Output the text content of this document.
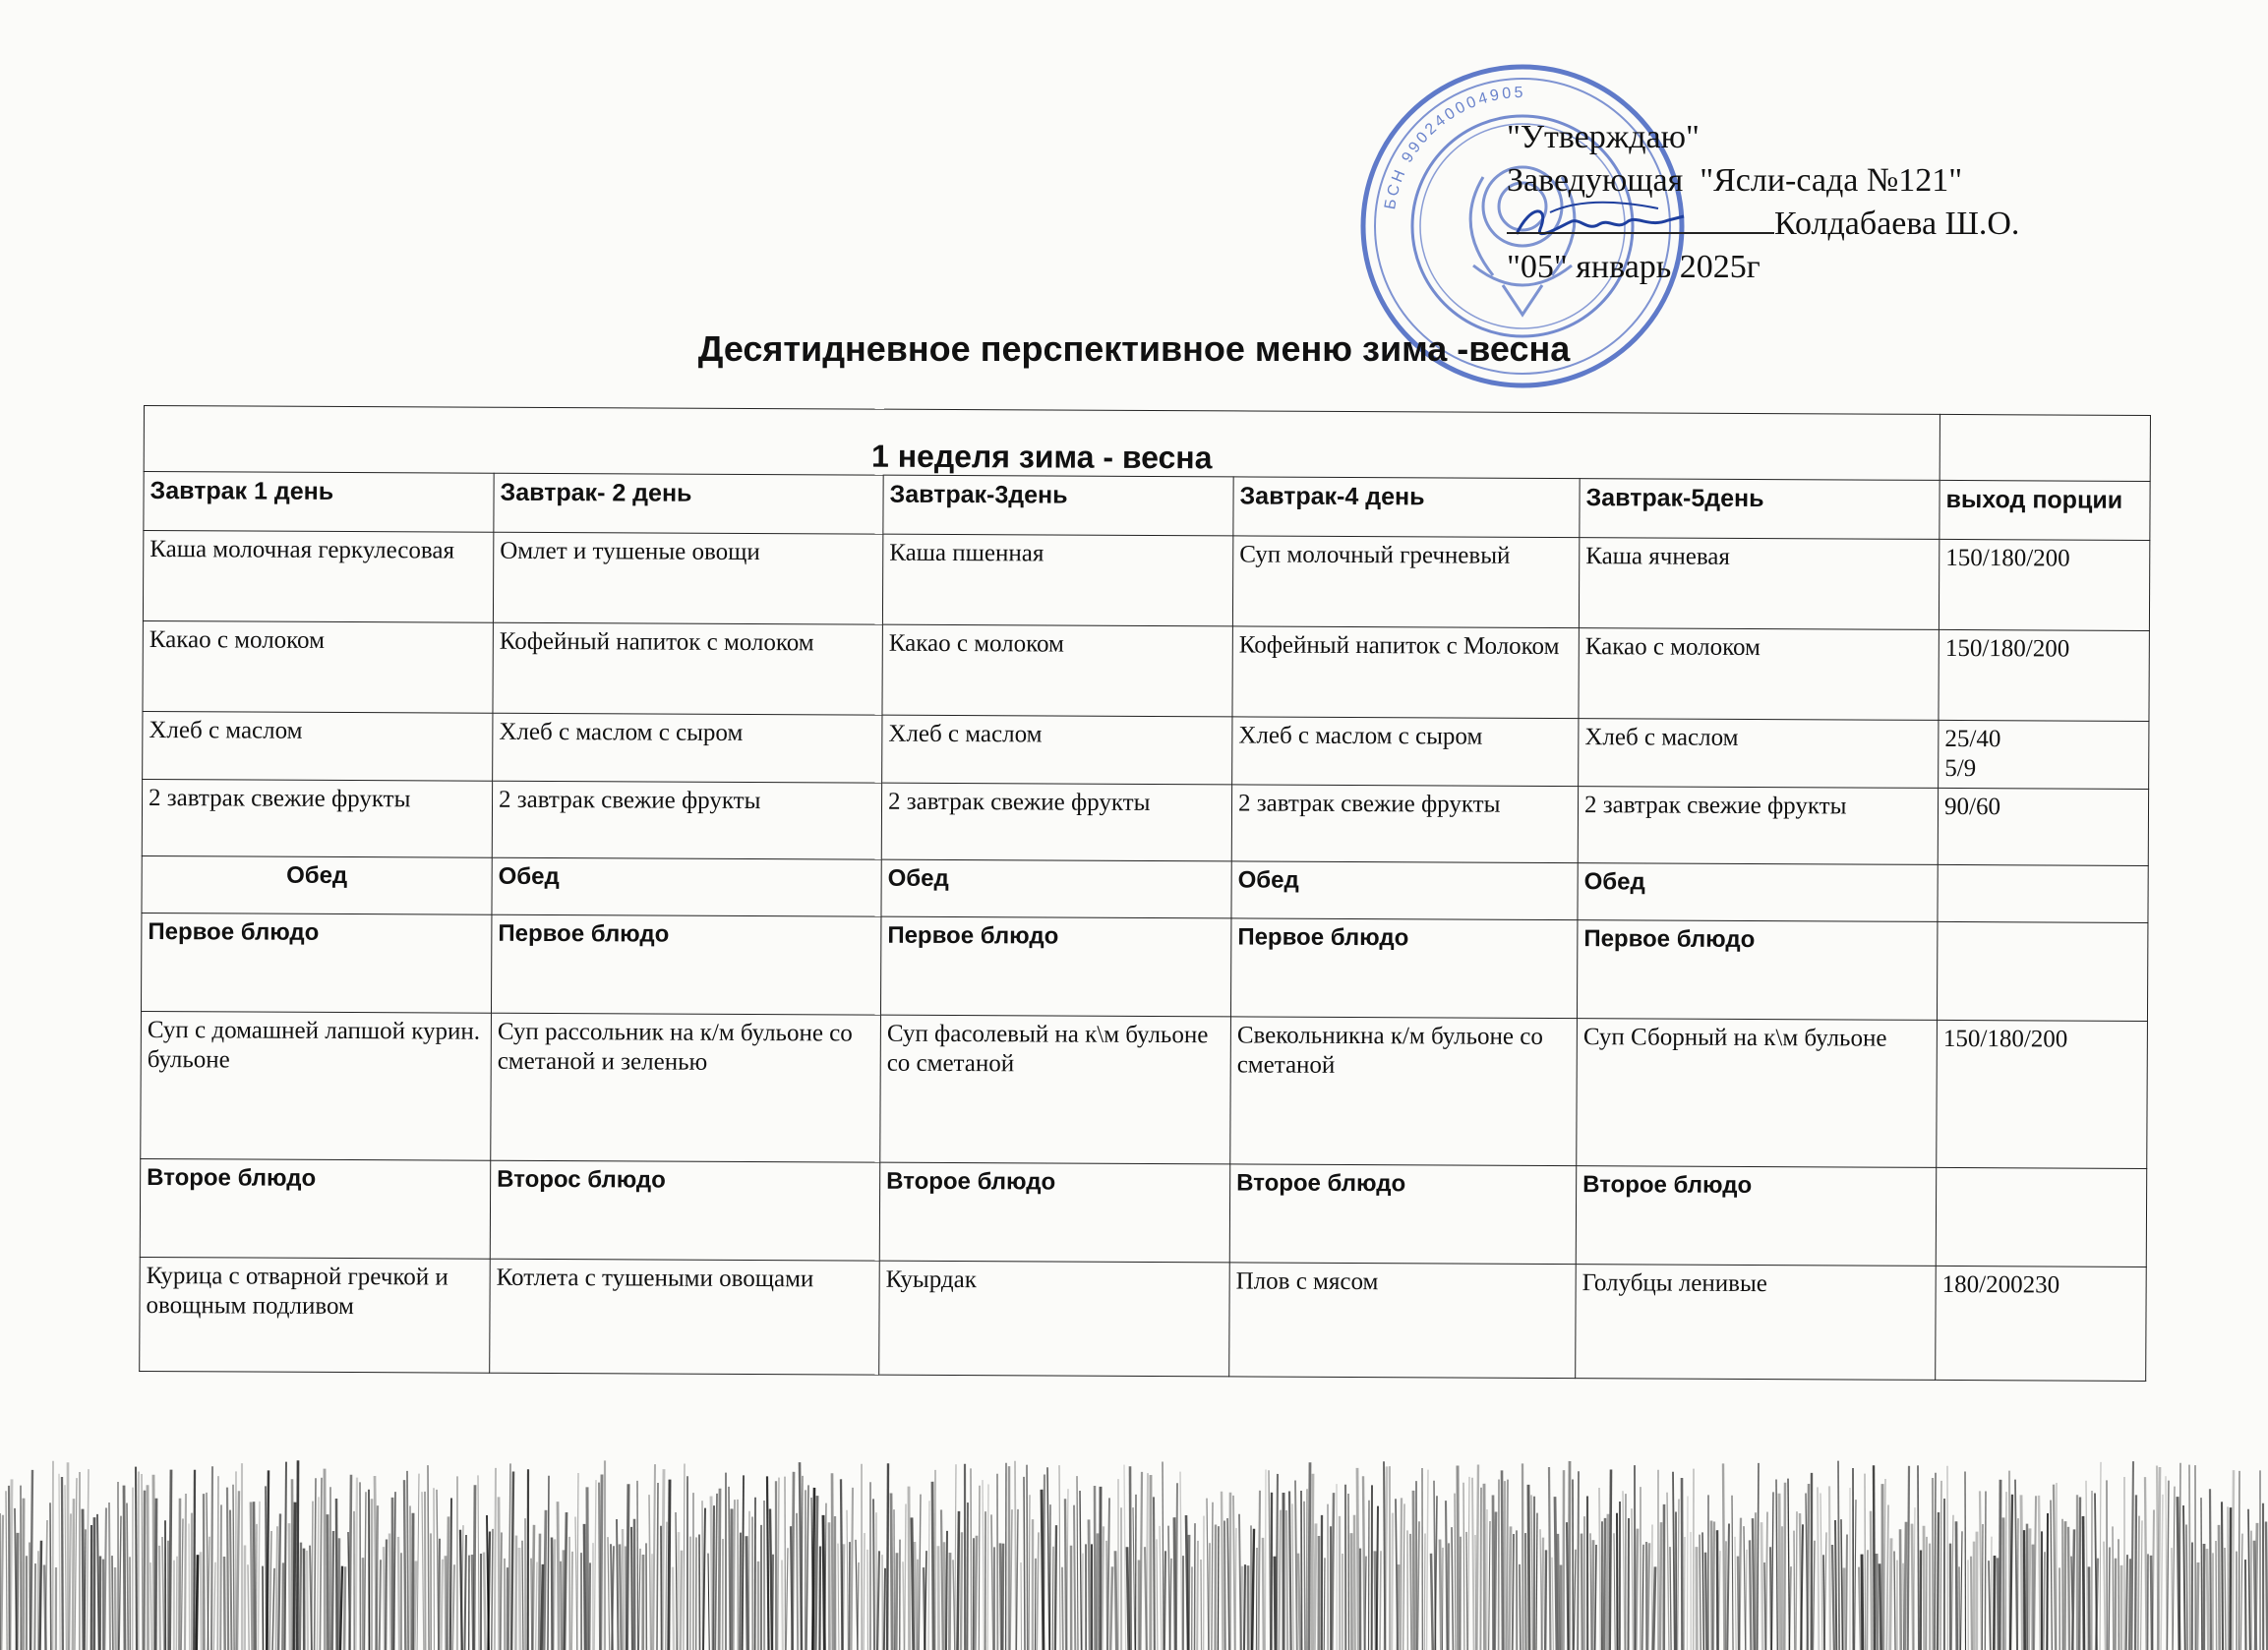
БСН 990240004905
"Утверждаю"
Заведующая  "Ясли-сада №121"
Колдабаева Ш.О.
"05" январь 2025г
Десятидневное перспективное меню зима -весна
1 неделя зима - весна					
Завтрак 1 день	Завтрак- 2 день	Завтрак-3день	Завтрак-4 день	Завтрак-5день	выход порции
Каша молочная геркулесовая	Омлет и тушеные овощи	Каша пшенная	Суп молочный гречневый	Каша ячневая	150/180/200
Какао с молоком	Кофейный напиток с молоком	Какао с молоком	Кофейный напиток с Молоком	Какао с молоком	150/180/200
Хлеб с маслом	Хлеб с маслом с сыром	Хлеб с маслом	Хлеб с маслом с сыром	Хлеб с маслом	25/40
5/9
2 завтрак свежие фрукты	2 завтрак свежие фрукты	2 завтрак свежие фрукты	2 завтрак свежие фрукты	2 завтрак свежие фрукты	90/60
Обед	Обед	Обед	Обед	Обед	
Первое блюдо	Первое блюдо	Первое блюдо	Первое блюдо	Первое блюдо	
Суп с домашней лапшой курин. бульоне	Суп рассольник на к/м бульоне со сметаной и зеленью	Суп фасолевый на к\м бульоне со сметаной	Свекольникна к/м бульоне со сметаной	Суп Сборный на к\м бульоне	150/180/200
Второе блюдо	Второс блюдо	Второе блюдо	Второе блюдо	Второе блюдо	
Курица с отварной гречкой и овощным подливом	Котлета с тушеными овощами	Куырдак	Плов с мясом	Голубцы ленивые	180/200230
